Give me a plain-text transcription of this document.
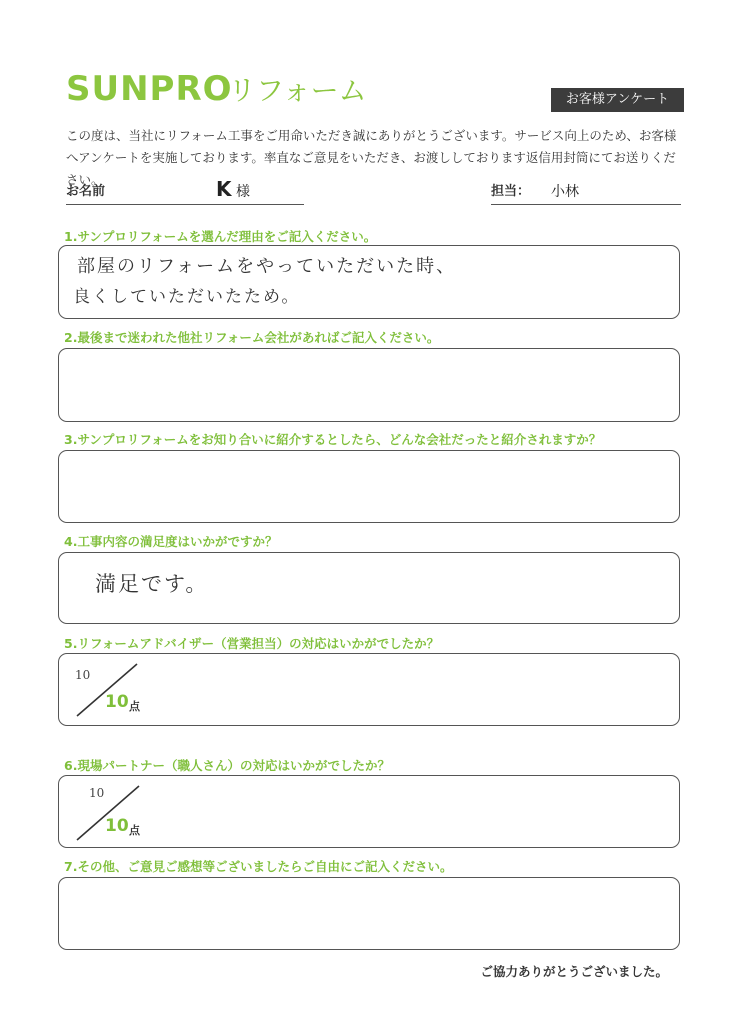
SUNPRO
リフォーム	お客様アンケート
この度は、当社にリフォーム工事をご用命いただき誠にありがとうございます。サービス向上のため、お客様へアンケートを実施しております。率直なご意見をいただき、お渡ししております返信用封筒にてお送りください。
お名前	K 様	担当： 小林
1.サンプロリフォームを選んだ理由をご記入ください。
部屋のリフォームをやっていただいた時、
良くしていただいたため。
2.最後まで迷われた他社リフォーム会社があればご記入ください。
3.サンプロリフォームをお知り合いに紹介するとしたら、どんな会社だったと紹介されますか？
4.工事内容の満足度はいかがですか？
満足です。
5.リフォームアドバイザー（営業担当）の対応はいかがでしたか？
10
10 点
6.現場パートナー（職人さん）の対応はいかがでしたか？
10
10 点
7.その他、ご意見ご感想等ございましたらご自由にご記入ください。
ご協力ありがとうございました。
